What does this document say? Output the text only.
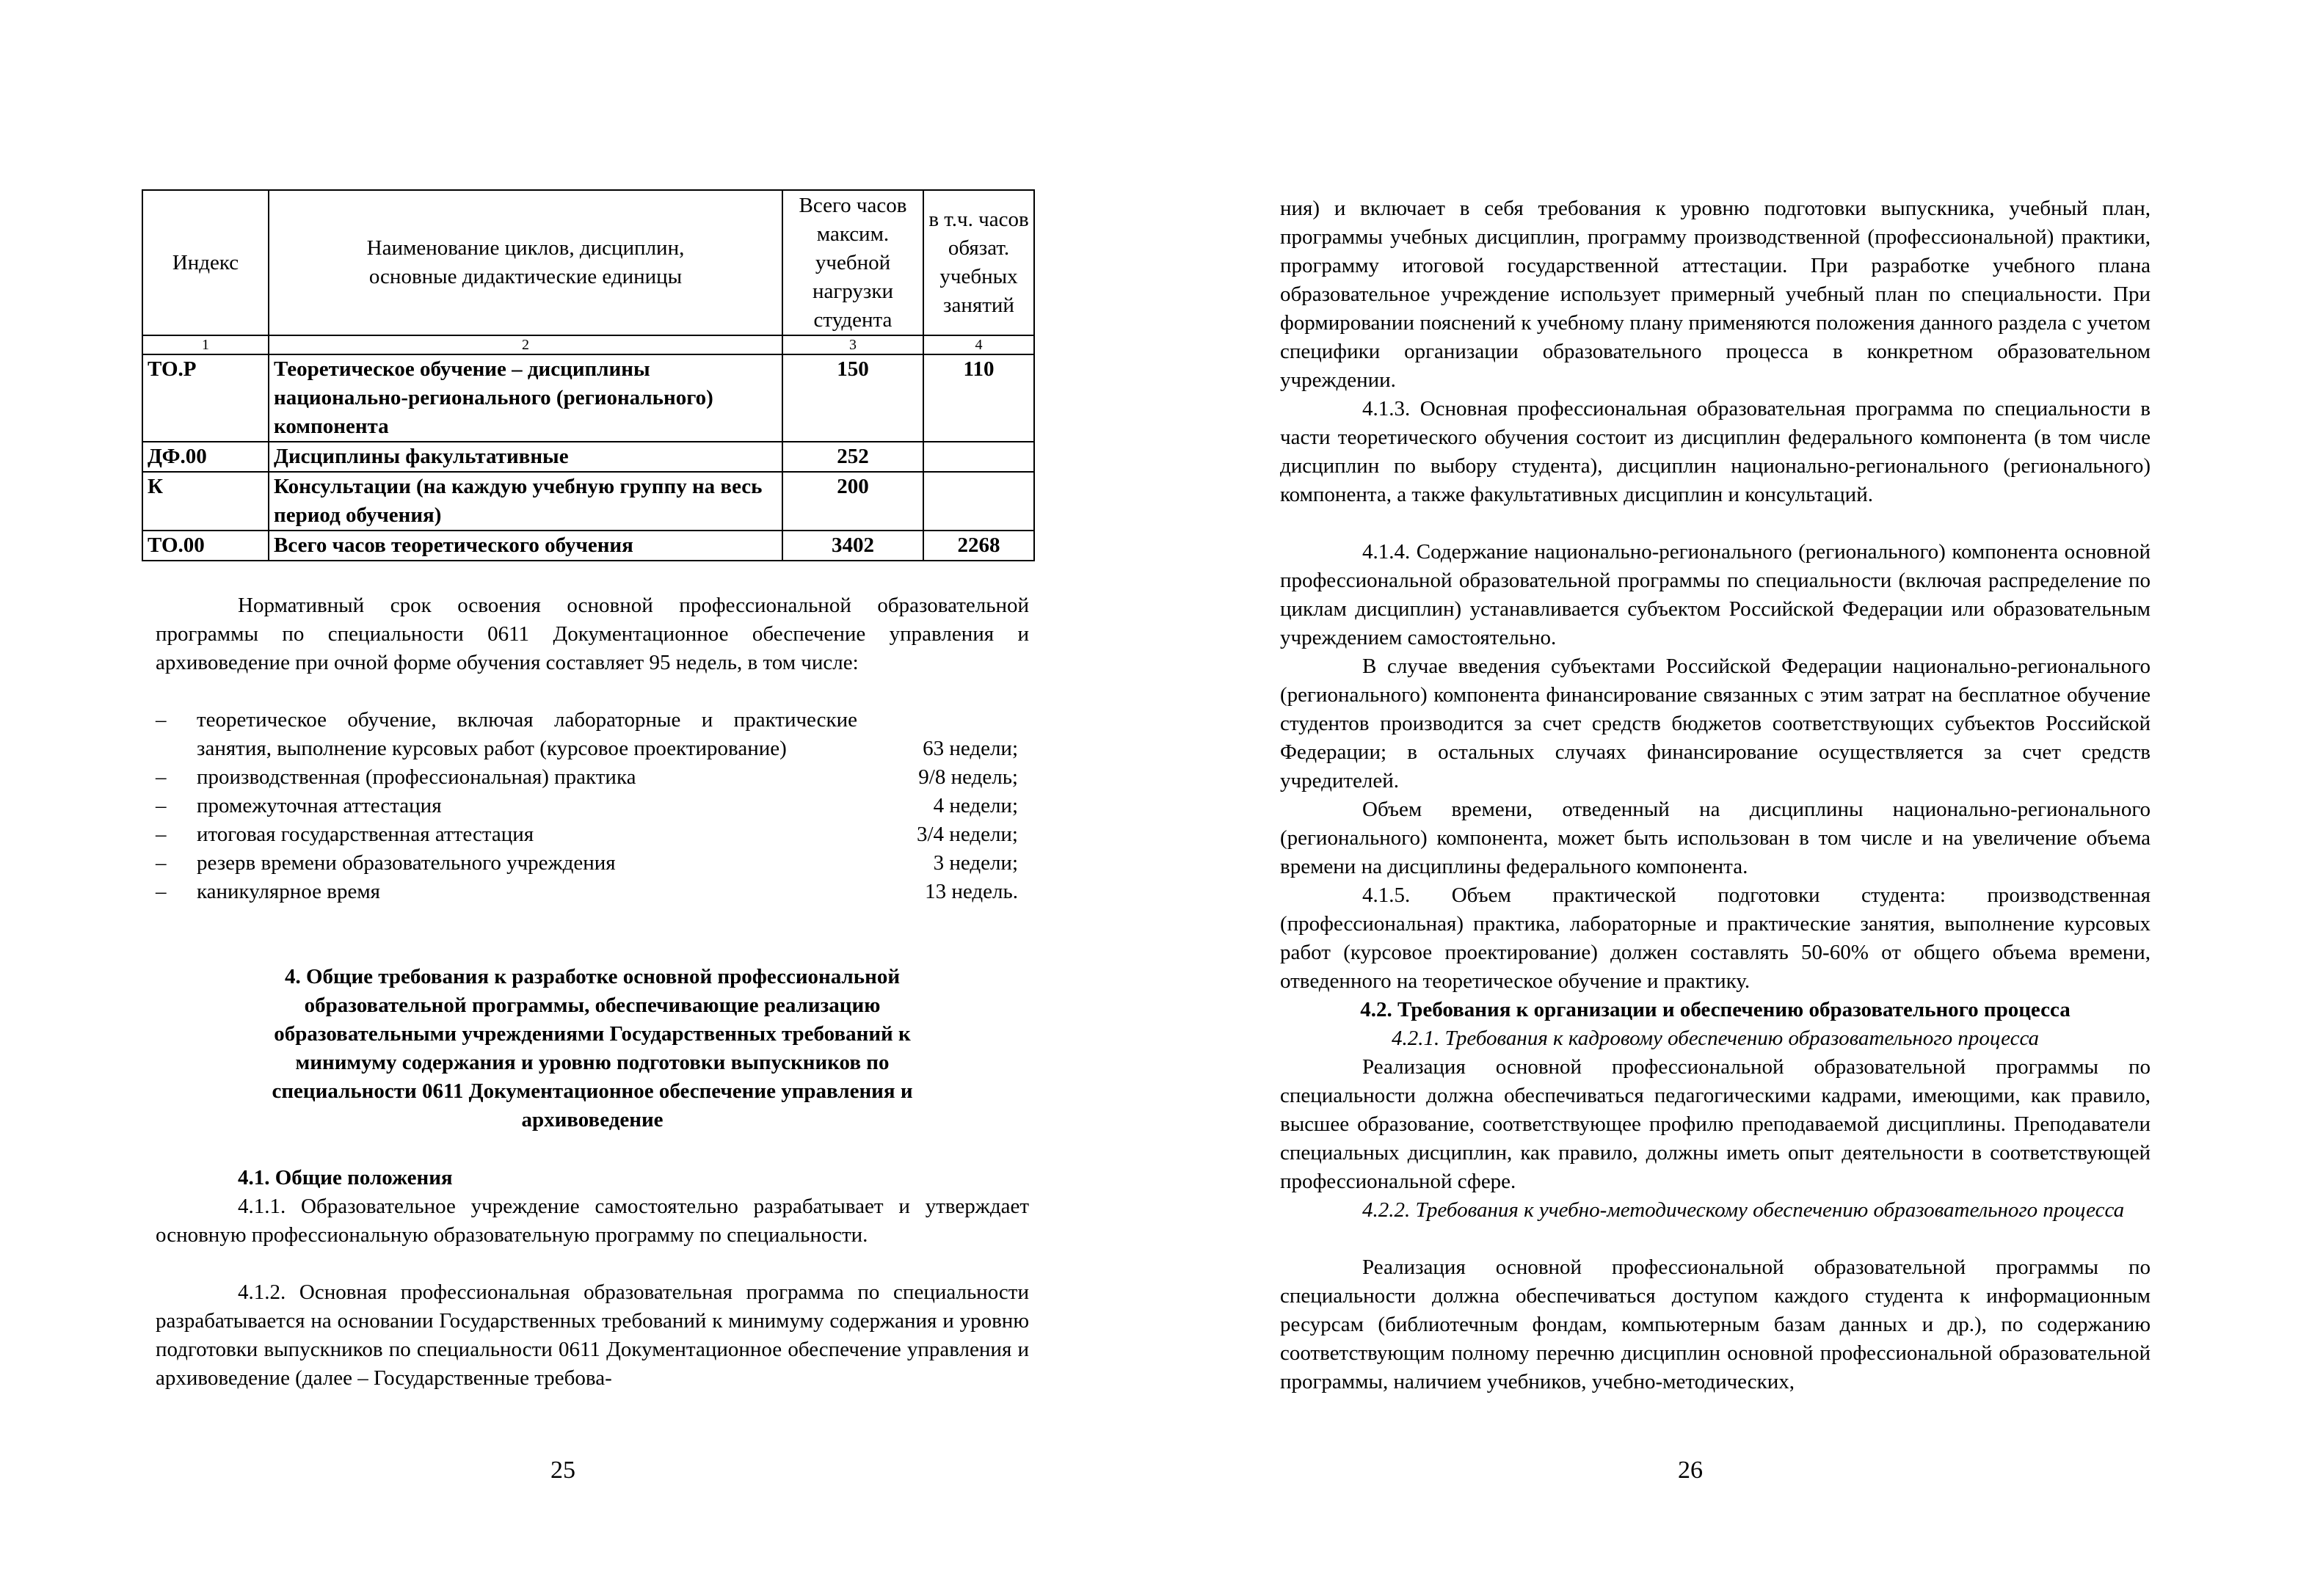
Индекс	Наименование циклов, дисциплин, основные дидактические единицы	Всего часов максим. учебной нагрузки студента	в т.ч. часов обязат. учебных занятий
1	2	3	4
ТО.Р	Теоретическое обучение – дисциплины национально-регионального (регионального) компонента	150	110
ДФ.00	Дисциплины факультативные	252	
К	Консультации (на каждую учебную группу на весь период обучения)	200	
ТО.00	Всего часов теоретического обучения	3402	2268

Нормативный срок освоения основной профессиональной образовательной программы по специальности 0611 Документационное обеспечение управления и архивоведение при очной форме обучения составляет 95 недель, в том числе:

– теоретическое обучение, включая лабораторные и практические занятия, выполнение курсовых работ (курсовое проектирование)	63 недели;
– производственная (профессиональная) практика	9/8 недель;
– промежуточная аттестация	4 недели;
– итоговая государственная аттестация	3/4 недели;
– резерв времени образовательного учреждения	3 недели;
– каникулярное время	13 недель.
4. Общие требования к разработке основной профессиональной образовательной программы, обеспечивающие реализацию образовательными учреждениями Государственных требований к минимуму содержания и уровню подготовки выпускников по специальности 0611 Документационное обеспечение управления и архивоведение

4.1. Общие положения

4.1.1. Образовательное учреждение самостоятельно разрабатывает и утверждает основную профессиональную образовательную программу по специальности.

4.1.2. Основная профессиональная образовательная программа по специальности разрабатывается на основании Государственных требований к минимуму содержания и уровню подготовки выпускников по специальности 0611 Документационное обеспечение управления и архивоведение (далее – Государственные требова-

25

ния) и включает в себя требования к уровню подготовки выпускника, учебный план, программы учебных дисциплин, программу производственной (профессиональной) практики, программу итоговой государственной аттестации. При разработке учебного плана образовательное учреждение использует примерный учебный план по специальности. При формировании пояснений к учебному плану применяются положения данного раздела с учетом специфики организации образовательного процесса в конкретном образовательном учреждении.

4.1.3. Основная профессиональная образовательная программа по специальности в части теоретического обучения состоит из дисциплин федерального компонента (в том числе дисциплин по выбору студента), дисциплин национально-регионального (регионального) компонента, а также факультативных дисциплин и консультаций.

4.1.4. Содержание национально-регионального (регионального) компонента основной профессиональной образовательной программы по специальности (включая распределение по циклам дисциплин) устанавливается субъектом Российской Федерации или образовательным учреждением самостоятельно.

В случае введения субъектами Российской Федерации национально-регионального (регионального) компонента финансирование связанных с этим затрат на бесплатное обучение студентов производится за счет средств бюджетов соответствующих субъектов Российской Федерации; в остальных случаях финансирование осуществляется за счет средств учредителей.

Объем времени, отведенный на дисциплины национально-регионального (регионального) компонента, может быть использован в том числе и на увеличение объема времени на дисциплины федерального компонента.

4.1.5. Объем практической подготовки студента: производственная (профессиональная) практика, лабораторные и практические занятия, выполнение курсовых работ (курсовое проектирование) должен составлять 50-60% от общего объема времени, отведенного на теоретическое обучение и практику.

4.2. Требования к организации и обеспечению образовательного процесса

4.2.1. Требования к кадровому обеспечению образовательного процесса

Реализация основной профессиональной образовательной программы по специальности должна обеспечиваться педагогическими кадрами, имеющими, как правило, высшее образование, соответствующее профилю преподаваемой дисциплины. Преподаватели специальных дисциплин, как правило, должны иметь опыт деятельности в соответствующей профессиональной сфере.

4.2.2. Требования к учебно-методическому обеспечению образовательного процесса

Реализация основной профессиональной образовательной программы по специальности должна обеспечиваться доступом каждого студента к информационным ресурсам (библиотечным фондам, компьютерным базам данных и др.), по содержанию соответствующим полному перечню дисциплин основной профессиональной образовательной программы, наличием учебников, учебно-методических,

26
